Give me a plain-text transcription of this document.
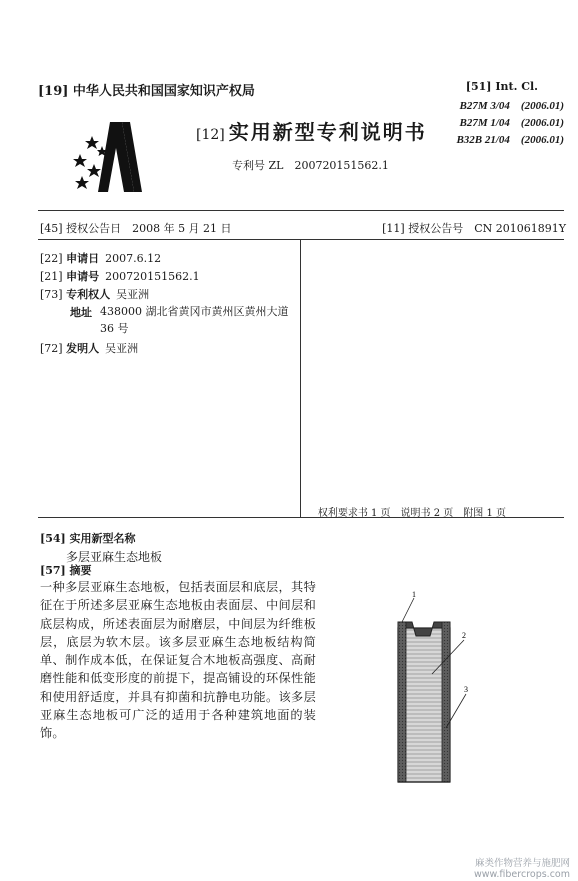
[19] 中华人民共和国国家知识产权局
[12] 实用新型专利说明书
专利号 ZL　200720151562.1
[51] Int. Cl.
B27M 3/04　(2006.01)
B27M 1/04　(2006.01)
B32B 21/04　(2006.01)
[45] 授权公告日　2008 年 5 月 21 日	[11] 授权公告号　CN 201061891Y
[22] 申请日 2007.6.12
[21] 申请号 200720151562.1
[73] 专利权人 吴亚洲
地址 438000 湖北省黄冈市黄州区黄州大道 36 号
[72] 发明人 吴亚洲
权利要求书 1 页　说明书 2 页　附图 1 页
[54] 实用新型名称
多层亚麻生态地板
[57] 摘要
一种多层亚麻生态地板，包括表面层和底层，其特征在于所述多层亚麻生态地板由表面层、中间层和底层构成，所述表面层为耐磨层，中间层为纤维板层，底层为软木层。该多层亚麻生态地板结构简单、制作成本低，在保证复合木地板高强度、高耐磨性能和低变形度的前提下，提高铺设的环保性能和使用舒适度，并具有抑菌和抗静电功能。该多层亚麻生态地板可广泛的适用于各种建筑地面的装饰。
1
2
3
麻类作物营养与施肥网
www.fibercrops.com
